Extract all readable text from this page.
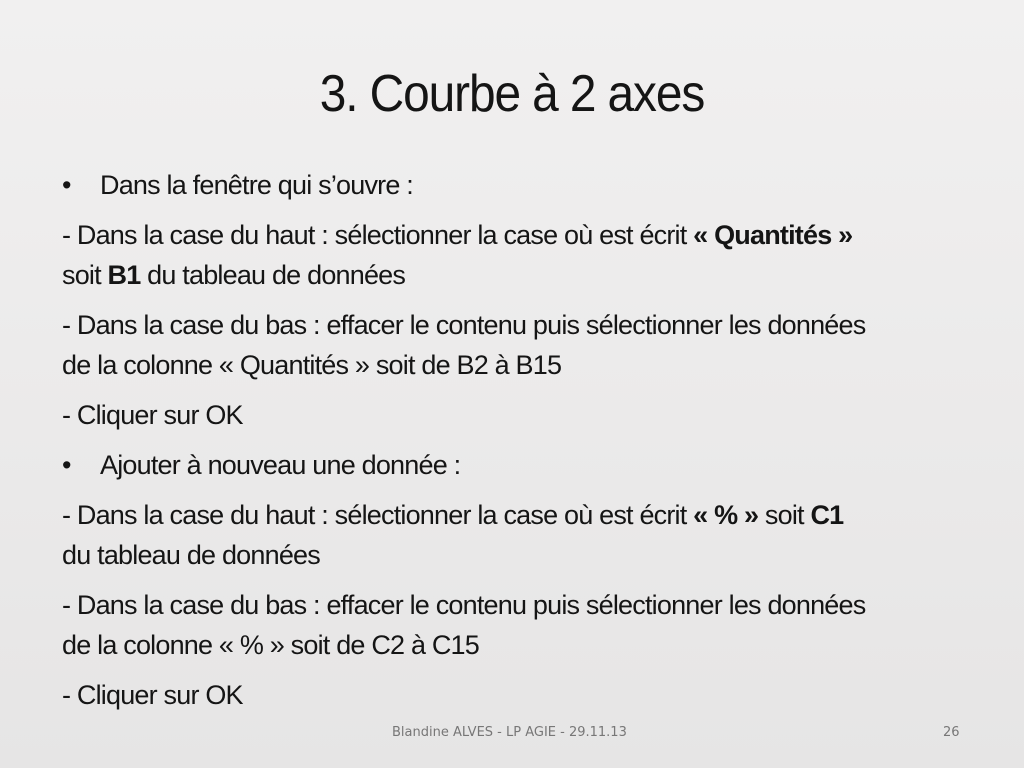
3. Courbe à 2 axes
• Dans la fenêtre qui s’ouvre :
- Dans la case du haut : sélectionner la case où est écrit « Quantités »
soit B1 du tableau de données
- Dans la case du bas : effacer le contenu puis sélectionner les données
de la colonne « Quantités » soit de B2 à B15
- Cliquer sur OK
• Ajouter à nouveau une donnée :
- Dans la case du haut : sélectionner la case où est écrit « % » soit C1
du tableau de données
- Dans la case du bas : effacer le contenu puis sélectionner les données
de la colonne « % » soit de C2 à C15
- Cliquer sur OK
Blandine ALVES - LP AGIE - 29.11.13	26
